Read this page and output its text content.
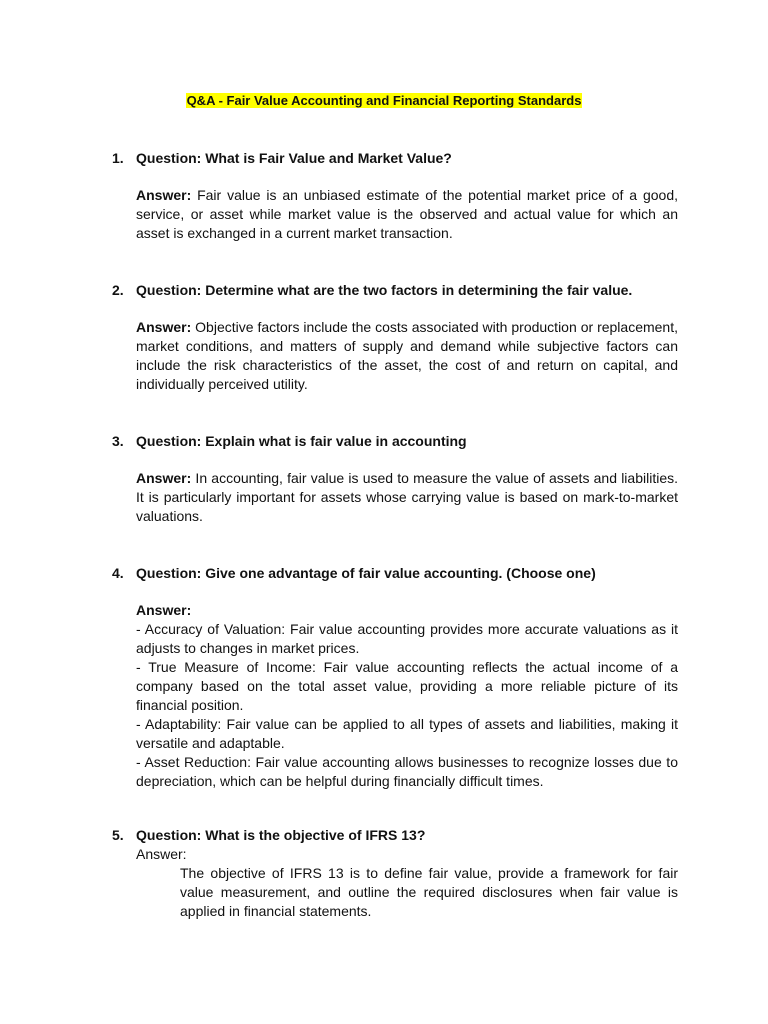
Q&A - Fair Value Accounting and Financial Reporting Standards
1. Question: What is Fair Value and Market Value?

Answer: Fair value is an unbiased estimate of the potential market price of a good, service, or asset while market value is the observed and actual value for which an asset is exchanged in a current market transaction.

2. Question: Determine what are the two factors in determining the fair value.

Answer: Objective factors include the costs associated with production or replacement, market conditions, and matters of supply and demand while subjective factors can include the risk characteristics of the asset, the cost of and return on capital, and individually perceived utility.

3. Question: Explain what is fair value in accounting

Answer: In accounting, fair value is used to measure the value of assets and liabilities. It is particularly important for assets whose carrying value is based on mark-to-market valuations.

4. Question: Give one advantage of fair value accounting. (Choose one)
Answer:
- Accuracy of Valuation: Fair value accounting provides more accurate valuations as it adjusts to changes in market prices.
- True Measure of Income: Fair value accounting reflects the actual income of a company based on the total asset value, providing a more reliable picture of its financial position.
- Adaptability: Fair value can be applied to all types of assets and liabilities, making it versatile and adaptable.
- Asset Reduction: Fair value accounting allows businesses to recognize losses due to depreciation, which can be helpful during financially difficult times.
5. Question: What is the objective of IFRS 13?
Answer:
The objective of IFRS 13 is to define fair value, provide a framework for fair value measurement, and outline the required disclosures when fair value is applied in financial statements.
